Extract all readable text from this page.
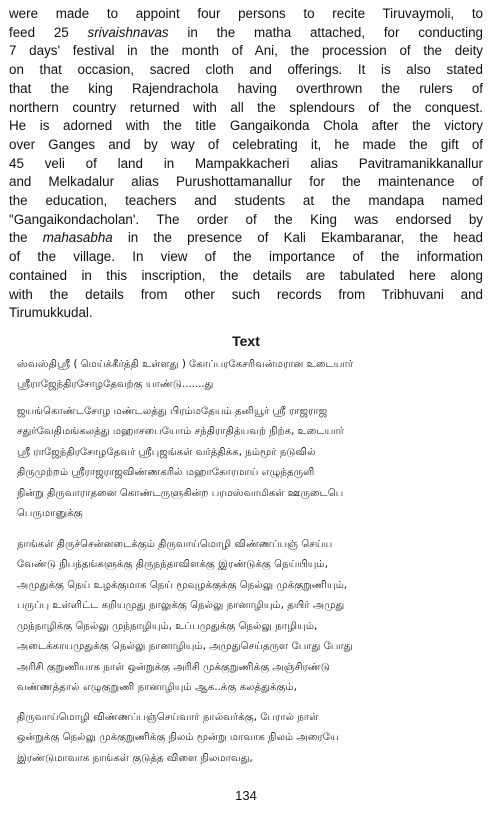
were made to appoint four persons to recite Tiruvaymoli, to
feed 25 srivaishnavas in the matha attached, for conducting
7 days' festival in the month of Ani, the procession of the deity
on that occasion, sacred cloth and offerings. It is also stated
that the king Rajendrachola having overthrown the rulers of
northern country returned with all the splendours of the conquest.
He is adorned with the title Gangaikonda Chola after the victory
over Ganges and by way of celebrating it, he made the gift of
45 veli of land in Mampakkacheri alias Pavitramanikkanallur
and Melkadalur alias Purushottamanallur for the maintenance of
the education, teachers and students at the mandapa named
"Gangaikondacholan'. The order of the King was endorsed by
the mahasabha in the presence of Kali Ekambaranar, the head
of the village. In view of the importance of the information
contained in this inscription, the details are tabulated here along
with the details from other such records from Tribhuvani and
Tirumukkudal.

Text
ஸ்வஸ்திஸ்ரீ ( மெய்க்கீர்த்தி உள்ளது ) கோப்பரகேசரிவன்மரான உடையார்
ஸ்ரீராஜேந்திரசோழதேவற்கு யாண்டு.......து
ஜயங்கொண்டசோழ மண்டலத்து பிரம்மதேயம் தனியூர் ஸ்ரீ ராஜராஜ
சதுர்வேதிமங்கலத்து மஹாசபையோம் சந்திராதித்யவற் நிற்க, உடையார்
ஸ்ரீ ராஜேந்திரசோழதேவர் ஸ்ரீபுஜங்கள் வர்த்திக்க, நம்மூர் நடுவில்
திருமுற்றம் ஸ்ரீராஜராஜவிண்ணகரில் மஹாகோரமாய் எழுந்தருளி
நின்று திருவாராதனை கொண்டருளுகின்ற பரமஸ்வாமிகள் ஊருடைபெ
பெருமானுக்கு
நாங்கள் திருச்சென்னடைக்கும் திருவாய்மொழி விண்ணப்பஞ் செய்ய
வேண்டு நிபந்தங்களுக்கு திருநந்தாவிளக்கு இரண்டுக்கு நெய்யியும்,
அமுதுக்கு நெய் உழக்குமாக நெய் மூவுழக்குக்கு நெல்லு முக்குறுணியும்,
பருப்பு உள்ளிட்ட கறியமுது நாலுக்கு நெல்லு நானாழியும், தயிர் அமுது
முந்நாழிக்கு நெல்லு முந்நாழியும், உப்பமுதுக்கு நெல்லு நாழியும்,
அடைக்காயமுதுக்கு நெல்லு நானாழியும், அமுதுசெய்தருள போது போது
அரிசி குறுணியாக நாள் ஒன்றுக்கு அரிசி முக்குறுணிக்கு அஞ்சிரண்டு
வண்ணத்தால் எழுகுறுணி நானாழியும் ஆக..க்கு கலத்துக்கும்,
திருவாய்மொழி விண்ணப்பஞ்செய்வார் நால்வர்க்கு, பேரால் நாள்
ஒன்றுக்கு நெல்லு முக்குறுணிக்கு நிலம் மூன்று மாவாக நிலம் அரையே
இரண்டுமாவாக நாங்கள் குடுத்த விளை நிலமாவது,
134
